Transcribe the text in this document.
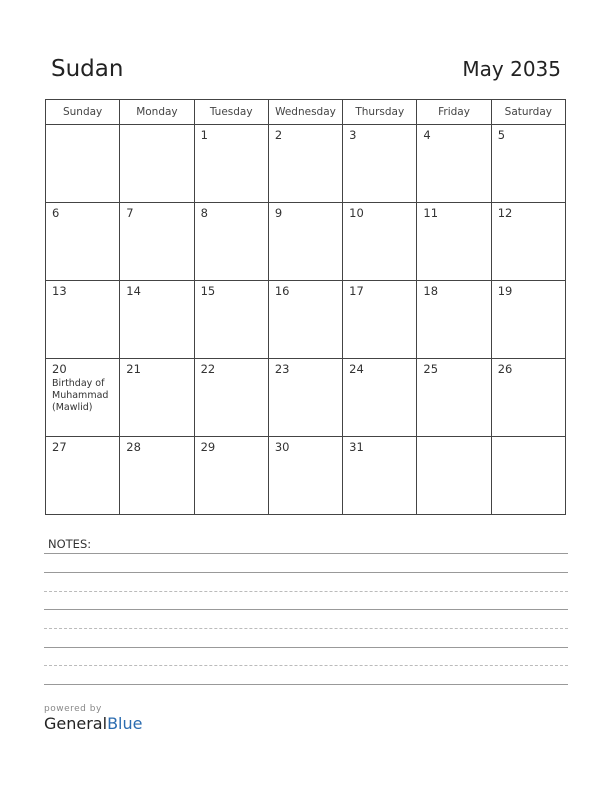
Sudan	May 2035
Sunday	Monday	Tuesday	Wednesday	Thursday	Friday	Saturday

		1	2	3	4	5

6	7	8	9	10	11	12

13	14	15	16	17	18	19

20
Birthday of
Muhammad
(Mawlid)	21	22	23	24	25	26

27	28	29	30	31		

NOTES:
powered by
GeneralBlue
